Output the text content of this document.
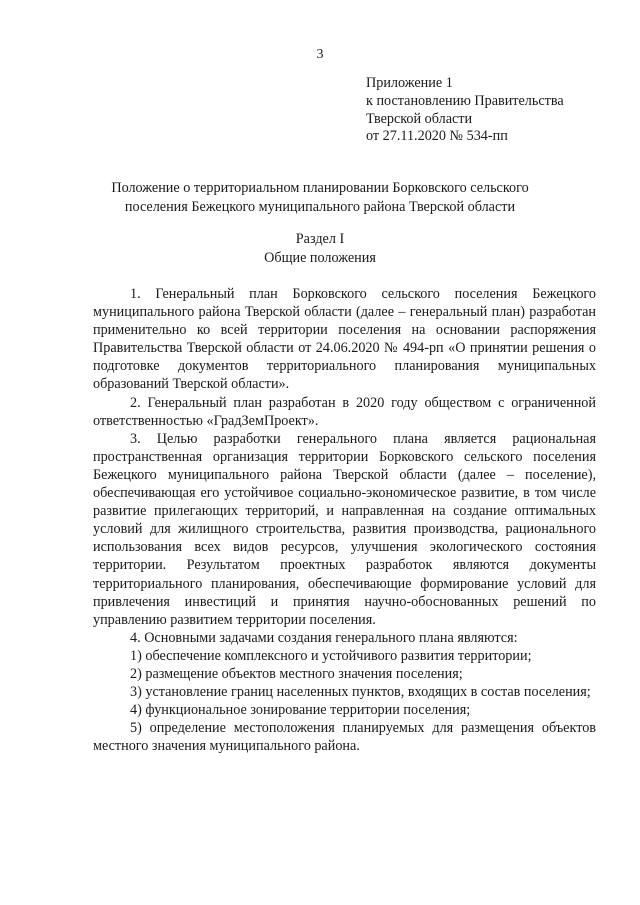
3
Приложение 1
к постановлению Правительства
Тверской области
от 27.11.2020 № 534-пп
Положение о территориальном планировании Борковского сельского
поселения Бежецкого муниципального района Тверской области
Раздел I
Общие положения

1. Генеральный план Борковского сельского поселения Бежецкого муниципального района Тверской области (далее – генеральный план) разработан применительно ко всей территории поселения на основании распоряжения Правительства Тверской области от 24.06.2020 № 494-рп «О принятии решения о подготовке документов территориального планирования муниципальных образований Тверской области».

2. Генеральный план разработан в 2020 году обществом с ограниченной ответственностью «ГрадЗемПроект».

3. Целью разработки генерального плана является рациональная пространственная организация территории Борковского сельского поселения Бежецкого муниципального района Тверской области (далее – поселение), обеспечивающая его устойчивое социально-экономическое развитие, в том числе развитие прилегающих территорий, и направленная на создание оптимальных условий для жилищного строительства, развития производства, рационального использования всех видов ресурсов, улучшения экологического состояния территории. Результатом проектных разработок являются документы территориального планирования, обеспечивающие формирование условий для привлечения инвестиций и принятия научно-обоснованных решений по управлению развитием территории поселения.

4. Основными задачами создания генерального плана являются:

1) обеспечение комплексного и устойчивого развития территории;

2) размещение объектов местного значения поселения;

3) установление границ населенных пунктов, входящих в состав поселения;

4) функциональное зонирование территории поселения;

5) определение местоположения планируемых для размещения объектов местного значения муниципального района.
